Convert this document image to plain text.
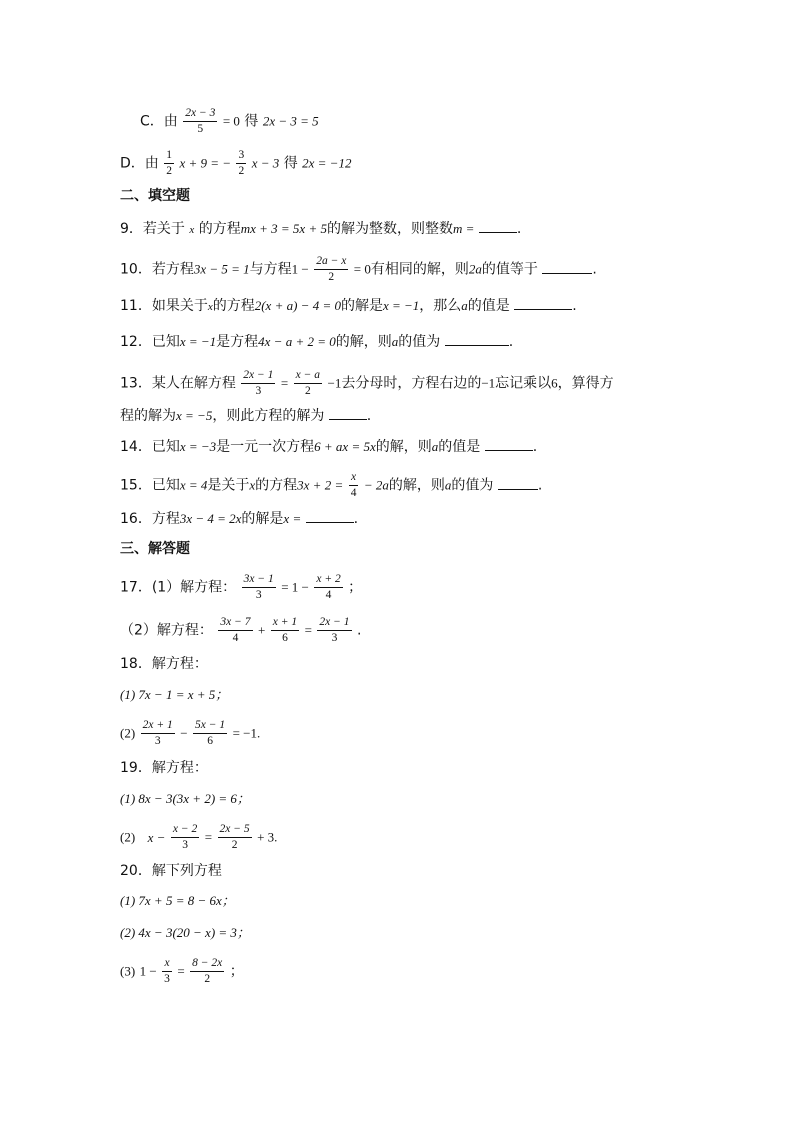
C．由 $\frac{2x - 3}{5} = 0$ 得 2x − 3 = 5
D．由 $\frac{1}{2}$ x + 9 = − $\frac{3}{2}$ x − 3 得 2x = −12
二、填空题
9．若关于 x 的方程mx + 3 = 5x + 5的解为整数，则整数m =	.
10．若方程3x − 5 = 1与方程$1 - \frac{2a - x}{2} = 0$有相同的解，则2a的值等于	.
11．如果关于x的方程2(x + a) − 4 = 0的解是x = −1，那么a的值是	.
12．已知x = −1是方程4x − a + 2 = 0的解，则a的值为	.
13．某人在解方程 $\frac{2x - 1}{3} = \frac{x - a}{2} -1$去分母时，方程右边的−1忘记乘以6，算得方
程的解为x = −5，则此方程的解为	.
14．已知x = −3是一元一次方程6 + ax = 5x的解，则a的值是	.
15．已知x = 4是关于x的方程$3x + 2 = \frac{x}{4} - 2a$的解，则a的值为	.
16．方程3x − 4 = 2x的解是x =	.
三、解答题
17．(1）解方程： $\frac{3x - 1}{3} = 1 - \frac{x + 2}{4}$ ；
（2）解方程： $\frac{3x - 7}{4} + \frac{x + 1}{6} = \frac{2x - 1}{3}$ .
18．解方程：
(1) 7x − 1 = x + 5；
$(2) \frac{2x + 1}{3} - \frac{5x - 1}{6} = -1$.
19．解方程：
(1) 8x − 3(3x + 2) = 6；
(2) $x - \frac{x - 2}{3} = \frac{2x - 5}{2} + 3$.
20．解下列方程
(1) 7x + 5 = 8 − 6x；
(2) 4x − 3(20 − x) = 3；
(3) $1 - \frac{x}{3} = \frac{8 - 2x}{2}$ ；
